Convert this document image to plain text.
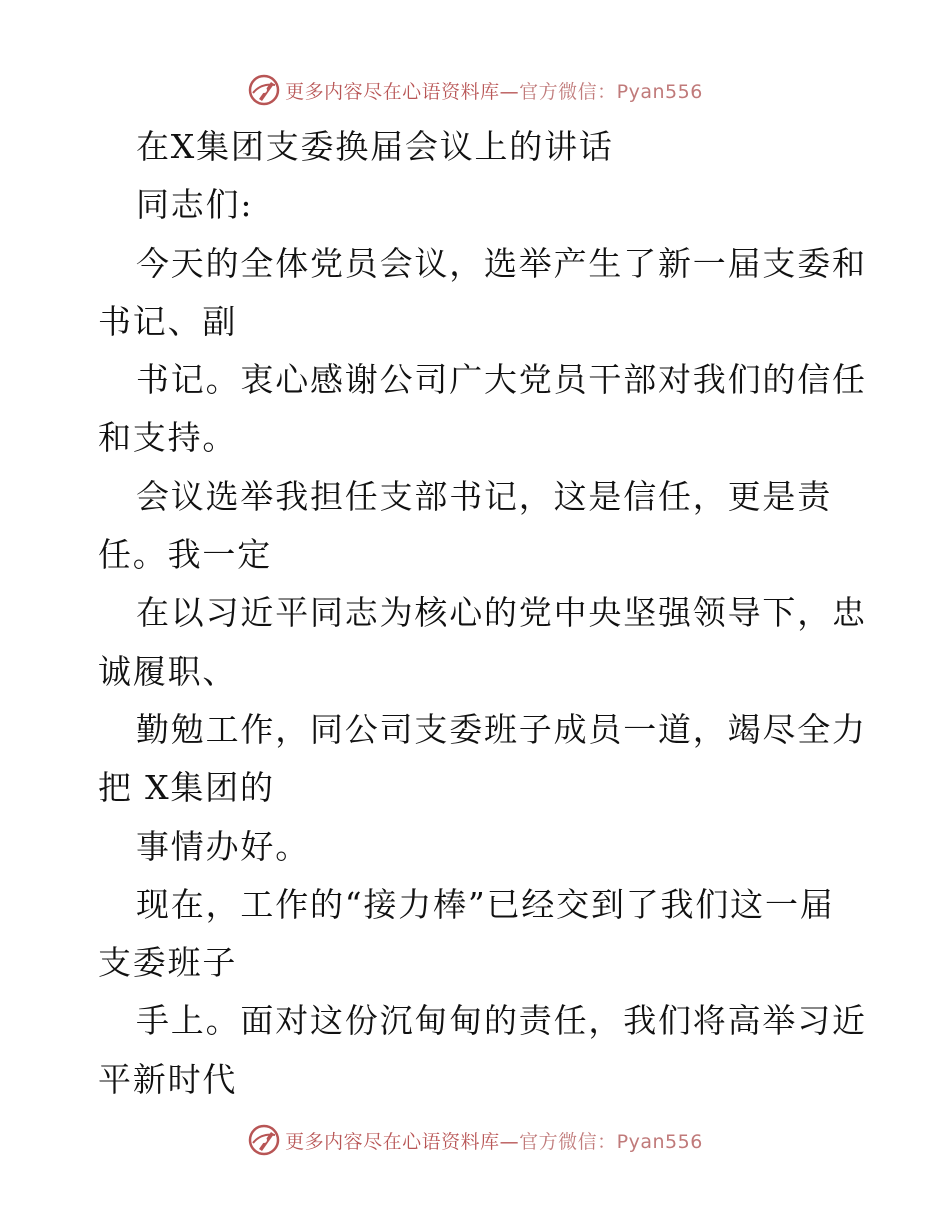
更多内容尽在心语资料库—官方微信：Pyan556
在X集团支委换届会议上的讲话
同志们:
今天的全体党员会议，选举产生了新一届支委和
书记、副
书记。衷心感谢公司广大党员干部对我们的信任
和支持。
会议选举我担任支部书记，这是信任，更是责
任。我一定
在以习近平同志为核心的党中央坚强领导下，忠
诚履职、
勤勉工作，同公司支委班子成员一道，竭尽全力
把 X集团的
事情办好。
现在，工作的“接力棒”已经交到了我们这一届
支委班子
手上。面对这份沉甸甸的责任，我们将高举习近
平新时代
更多内容尽在心语资料库—官方微信：Pyan556
